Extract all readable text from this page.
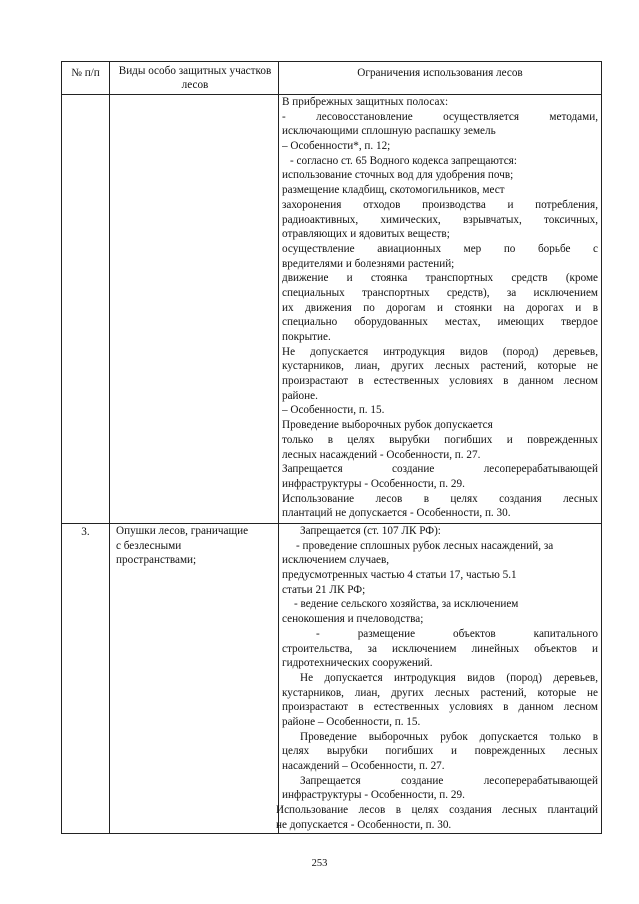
№ п/п	Виды особо защитных участков лесов
Ограничения использования лесов
В прибрежных защитных полосах:
- лесовосстановление осуществляется методами,
исключающими сплошную распашку земель
– Особенности*, п. 12;
- согласно ст. 65 Водного кодекса запрещаются:
использование сточных вод для удобрения почв;
размещение кладбищ, скотомогильников, мест
захоронения отходов производства и потребления,
радиоактивных, химических, взрывчатых, токсичных,
отравляющих и ядовитых веществ;
осуществление авиационных мер по борьбе с
вредителями и болезнями растений;
движение и стоянка транспортных средств (кроме
специальных транспортных средств), за исключением
их движения по дорогам и стоянки на дорогах и в
специально оборудованных местах, имеющих твердое
покрытие.
Не допускается интродукция видов (пород) деревьев,
кустарников, лиан, других лесных растений, которые не
произрастают в естественных условиях в данном лесном
районе.
– Особенности, п. 15.
Проведение выборочных рубок допускается
только в целях вырубки погибших и поврежденных
лесных насаждений - Особенности, п. 27.
Запрещается создание лесоперерабатывающей
инфраструктуры - Особенности, п. 29.
Использование лесов в целях создания лесных
плантаций не допускается - Особенности, п. 30.
3.	Опушки лесов, граничащие
с безлесными
пространствами;
Запрещается (ст. 107 ЛК РФ):
- проведение сплошных рубок лесных насаждений, за
исключением случаев,
предусмотренных частью 4 статьи 17, частью 5.1
статьи 21 ЛК РФ;
- ведение сельского хозяйства, за исключением
сенокошения и пчеловодства;
- размещение объектов капитального
строительства, за исключением линейных объектов и
гидротехнических сооружений.
Не допускается интродукция видов (пород) деревьев,
кустарников, лиан, других лесных растений, которые не
произрастают в естественных условиях в данном лесном
районе – Особенности, п. 15.
Проведение выборочных рубок допускается только в
целях вырубки погибших и поврежденных лесных
насаждений – Особенности, п. 27.
Запрещается создание лесоперерабатывающей
инфраструктуры - Особенности, п. 29.
Использование лесов в целях создания лесных плантаций
не допускается - Особенности, п. 30.
253
